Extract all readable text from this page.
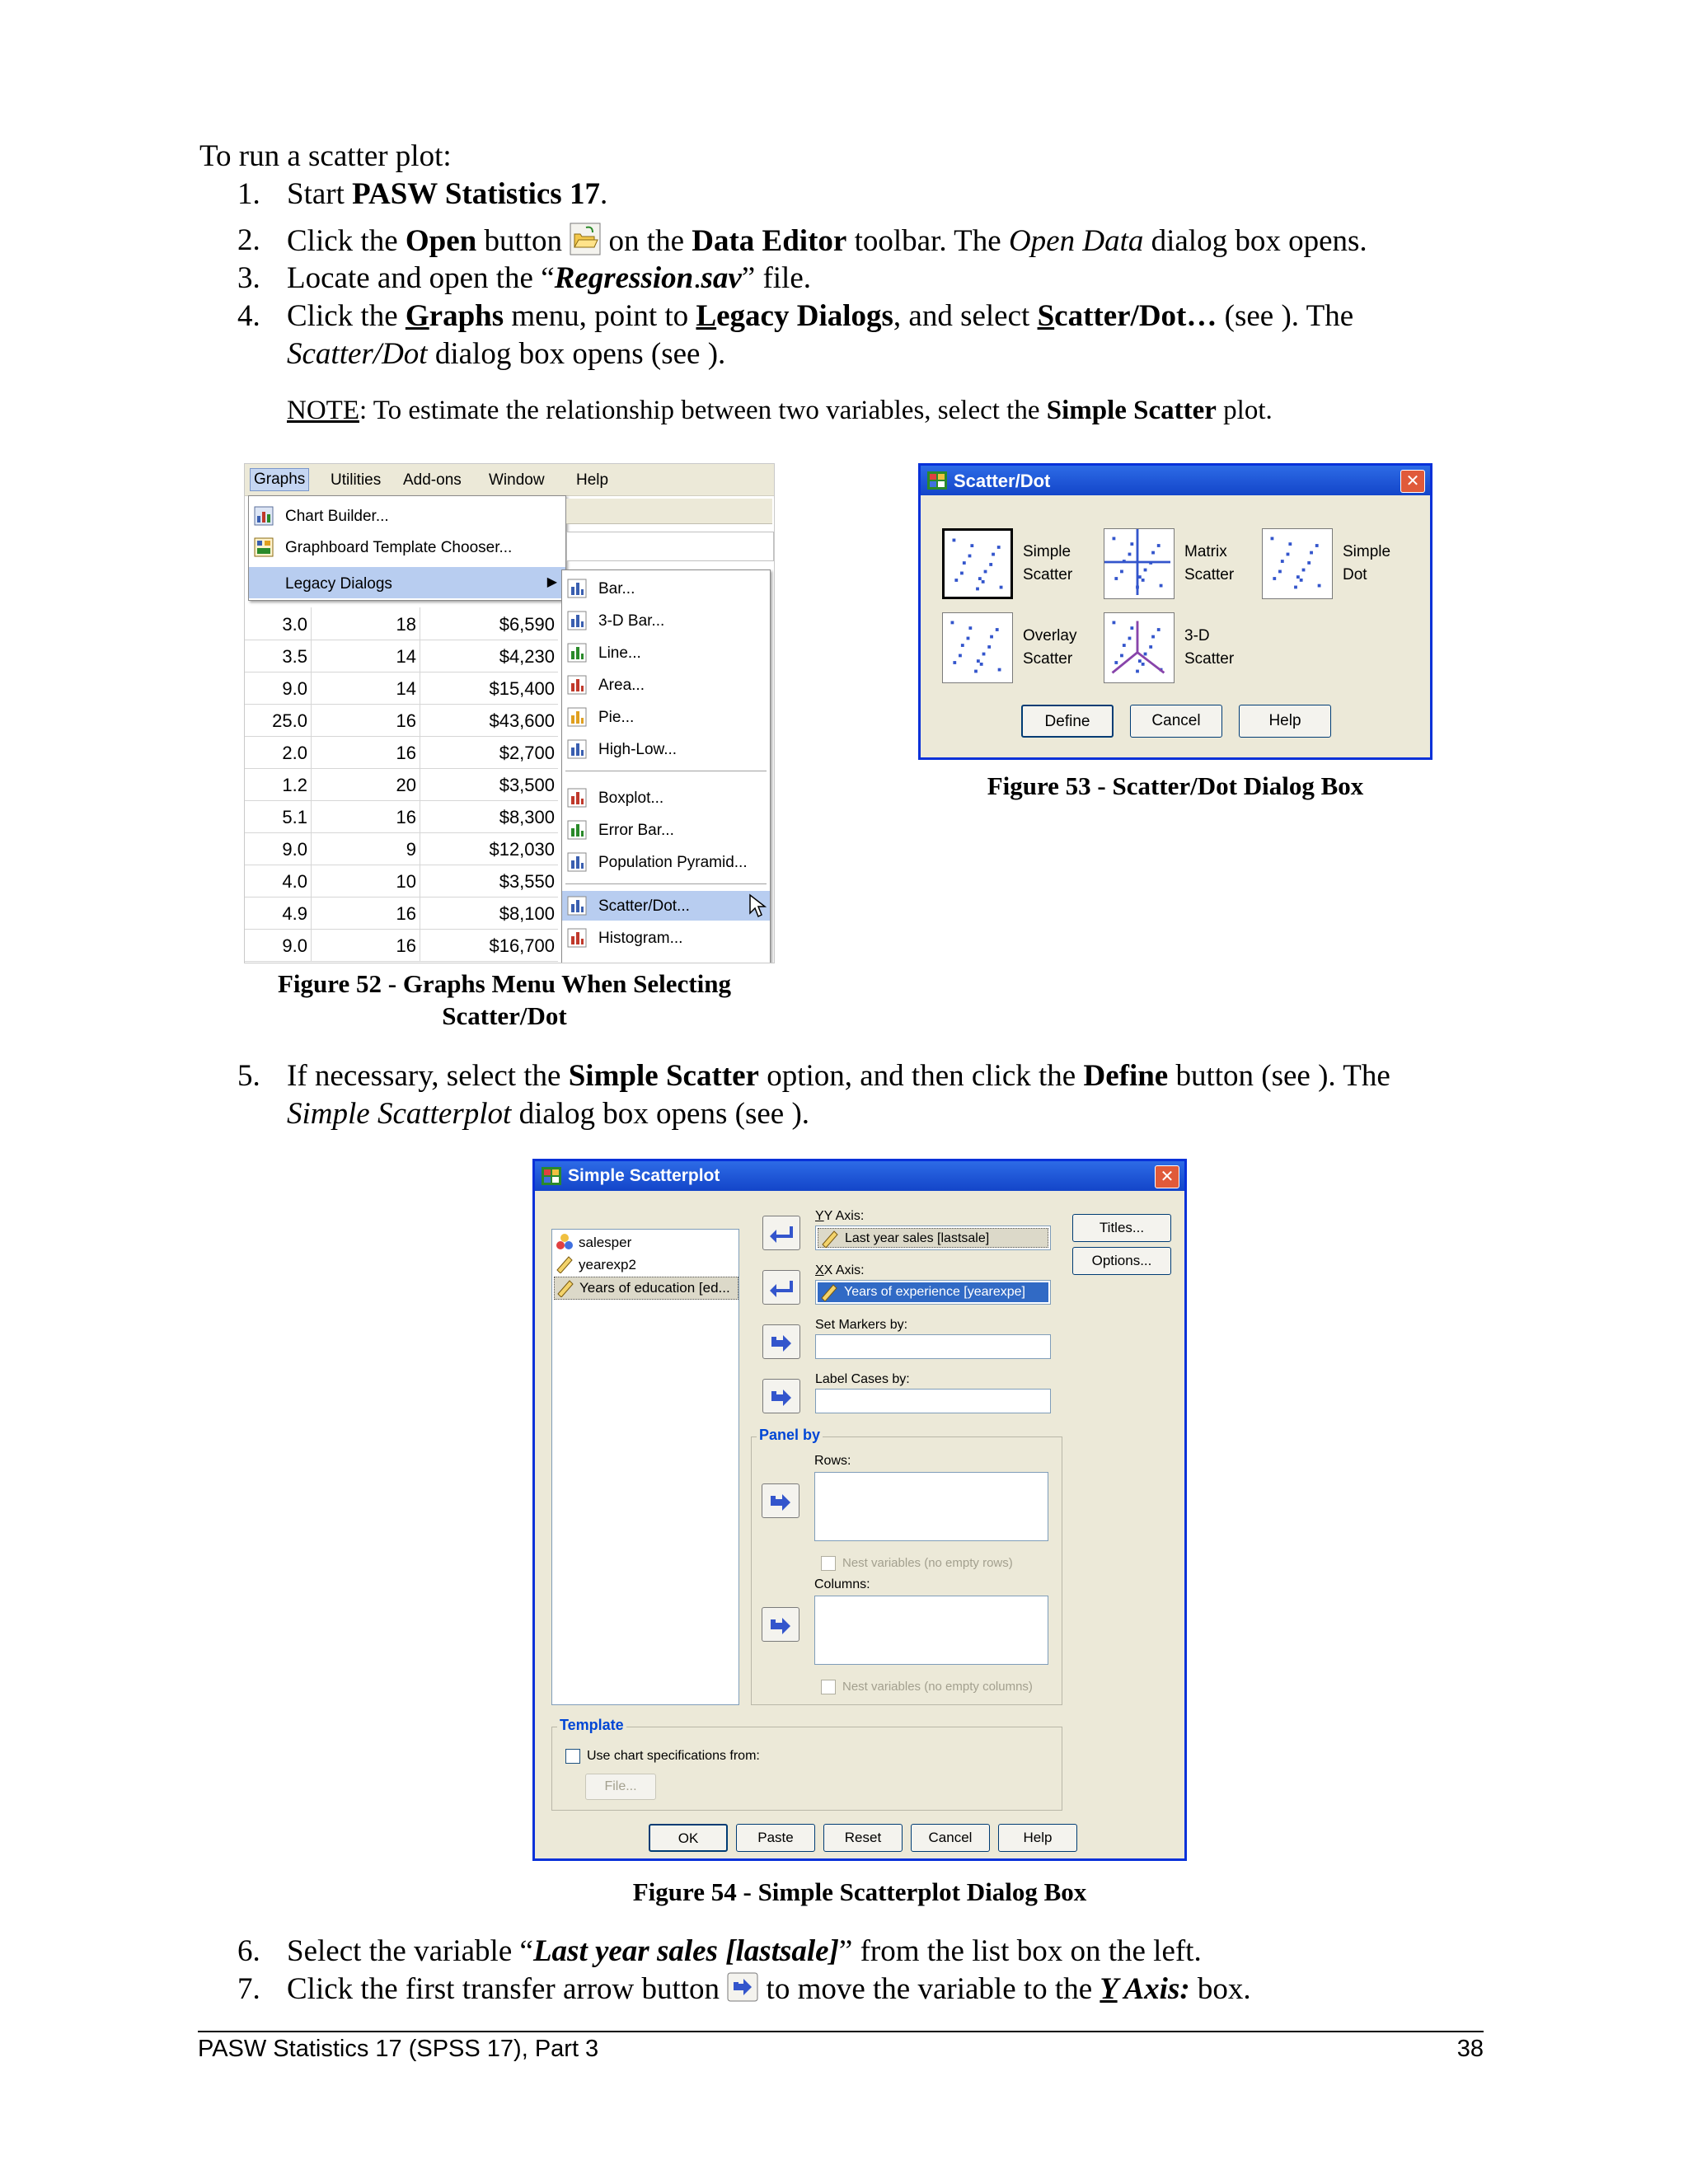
To run a scatter plot:
1. Start PASW Statistics 17.
2. Click the Open button
on the Data Editor toolbar. The Open Data dialog box opens.
3. Locate and open the “Regression.sav” file.
4. Click the Graphs menu, point to Legacy Dialogs, and select Scatter/Dot… (see ). The
Scatter/Dot dialog box opens (see ).
NOTE: To estimate the relationship between two variables, select the Simple Scatter plot.
Graphs Utilities Add-ons Window Help
3.0	18	$6,590
3.5	14	$4,230
9.0	14	$15,400
25.0	16	$43,600
2.0	16	$2,700
1.2	20	$3,500
5.1	16	$8,300
9.0	9	$12,030
4.0	10	$3,550
4.9	16	$8,100
9.0	16	$16,700
Chart Builder...
Graphboard Template Chooser...
Legacy Dialogs	▶	Bar...
3-D Bar...
Line...
Area...
Pie...
High-Low...
Boxplot...
Error Bar...
Population Pyramid...
Scatter/Dot...
Histogram...
Figure 52 - Graphs Menu When Selecting
Scatter/Dot
Scatter/Dot	✕
Simple
Scatter
Matrix
Scatter
Simple
Dot
Overlay
Scatter
3-D
Scatter
Define	Cancel	Help
Figure 53 - Scatter/Dot Dialog Box
5. If necessary, select the Simple Scatter option, and then click the Define button (see ). The
Simple Scatterplot dialog box opens (see ).
Simple Scatterplot	✕
salesper
yearexp2
Years of education [ed...
YY Axis:
Last year sales [lastsale]
XX Axis:
Years of experience [yearexpe]
Set Markers by:
Label Cases by:
Titles...
Options...
Panel by
Rows:
Nest variables (no empty rows)
Columns:
Nest variables (no empty columns)
Template
Use chart specifications from:
File...
OK	Paste	Reset	Cancel	Help
Figure 54 - Simple Scatterplot Dialog Box
6. Select the variable “Last year sales [lastsale]” from the list box on the left.
7. Click the first transfer arrow button
to move the variable to the Y Axis: box.
PASW Statistics 17 (SPSS 17), Part 3	38
